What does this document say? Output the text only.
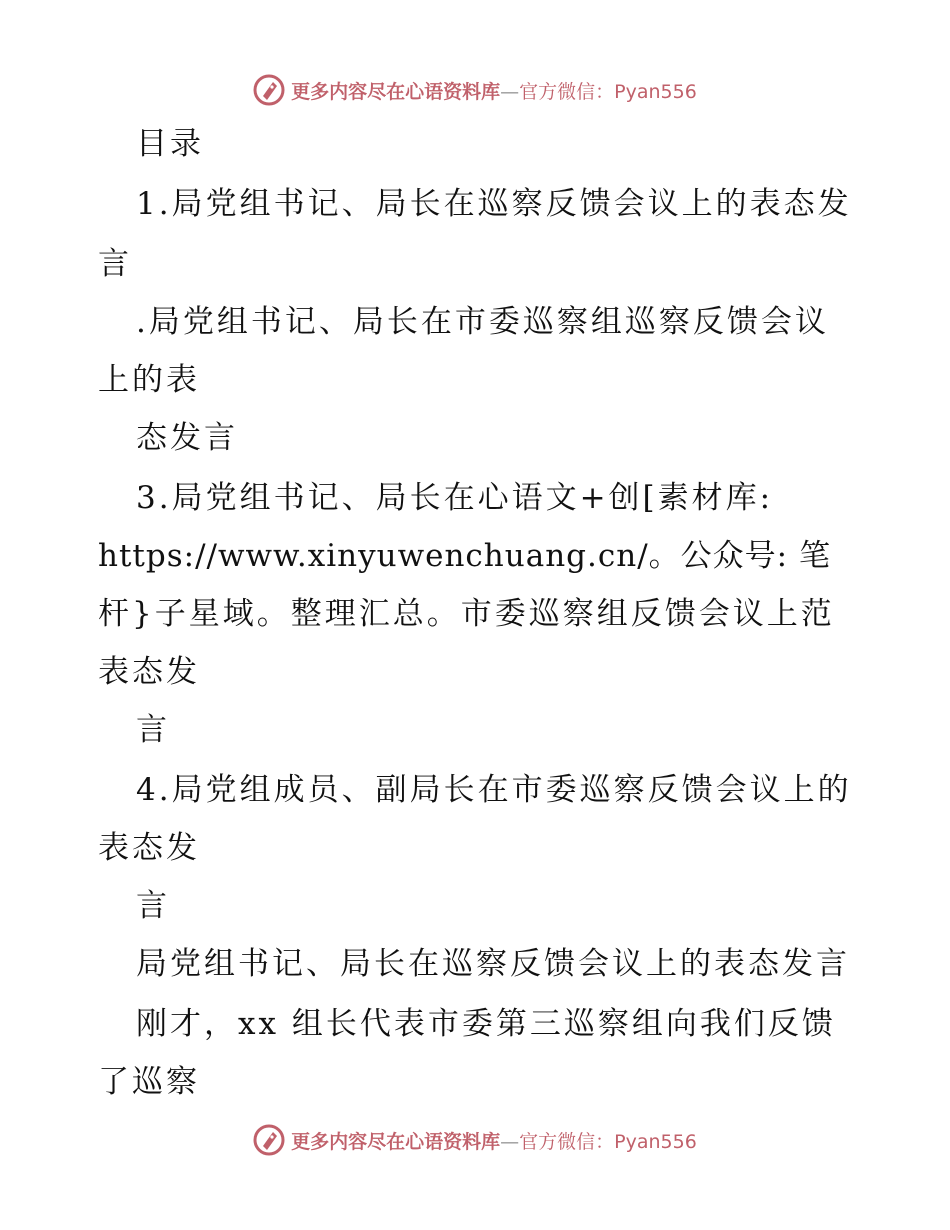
更多内容尽在心语资料库—官方微信：Pyan556
目录
1.局党组书记、局长在巡察反馈会议上的表态发
言
.局党组书记、局长在市委巡察组巡察反馈会议
上的表
态发言
3.局党组书记、局长在心语文+创[素材库:
https://www.xinyuwenchuang.cn/。公众号: 笔
杆}子星域。整理汇总。市委巡察组反馈会议上范
表态发
言
4.局党组成员、副局长在市委巡察反馈会议上的
表态发
言
局党组书记、局长在巡察反馈会议上的表态发言
刚才，xx 组长代表市委第三巡察组向我们反馈
了巡察
更多内容尽在心语资料库—官方微信：Pyan556
